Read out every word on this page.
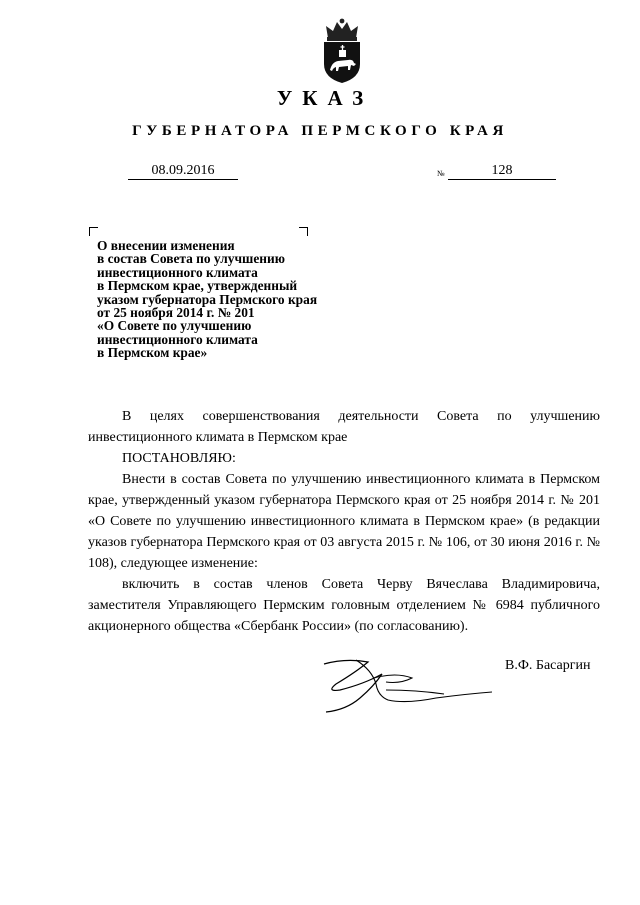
УКАЗ
ГУБЕРНАТОРА ПЕРМСКОГО КРАЯ
08.09.2016	№	128
О внесении изменения
в состав Совета по улучшению
инвестиционного климата
в Пермском крае, утвержденный
указом губернатора Пермского края
от 25 ноября 2014 г. № 201
«О Совете по улучшению
инвестиционного климата
в Пермском крае»

В целях совершенствования деятельности Совета по улучшению инвестиционного климата в Пермском крае

ПОСТАНОВЛЯЮ:

Внести в состав Совета по улучшению инвестиционного климата в Пермском крае, утвержденный указом губернатора Пермского края от 25 ноября 2014 г. № 201 «О Совете по улучшению инвестиционного климата в Пермском крае» (в редакции указов губернатора Пермского края от 03 августа 2015 г. № 106, от 30 июня 2016 г. № 108), следующее изменение:

включить в состав членов Совета Черву Вячеслава Владимировича, заместителя Управляющего Пермским головным отделением № 6984 публичного акционерного общества «Сбербанк России» (по согласованию).

В.Ф. Басаргин
